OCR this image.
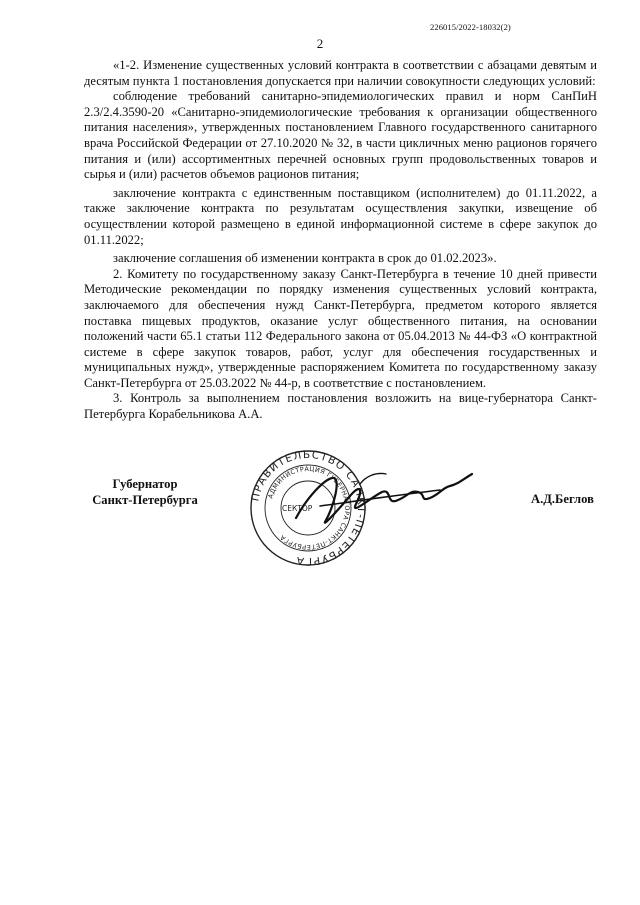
226015/2022-18032(2)
2

«1-2. Изменение существенных условий контракта в соответствии с абзацами девятым и десятым пункта 1 постановления допускается при наличии совокупности следующих условий:

соблюдение требований санитарно-эпидемиологических правил и норм СанПиН 2.3/2.4.3590-20 «Санитарно-эпидемиологические требования к организации общественного питания населения», утвержденных постановлением Главного государственного санитарного врача Российской Федерации от 27.10.2020 № 32, в части цикличных меню рационов горячего питания и (или) ассортиментных перечней основных групп продовольственных товаров и сырья и (или) расчетов объемов рационов питания;

заключение контракта с единственным поставщиком (исполнителем) до 01.11.2022, а также заключение контракта по результатам осуществления закупки, извещение об осуществлении которой размещено в единой информационной системе в сфере закупок до 01.11.2022;

заключение соглашения об изменении контракта в срок до 01.02.2023».

2. Комитету по государственному заказу Санкт-Петербурга в течение 10 дней привести Методические рекомендации по порядку изменения существенных условий контракта, заключаемого для обеспечения нужд Санкт-Петербурга, предметом которого является поставка пищевых продуктов, оказание услуг общественного питания, на основании положений части 65.1 статьи 112 Федерального закона от 05.04.2013 № 44-ФЗ «О контрактной системе в сфере закупок товаров, работ, услуг для обеспечения государственных и муниципальных нужд», утвержденные распоряжением Комитета по государственному заказу Санкт-Петербурга от 25.03.2022 № 44-р, в соответствие с постановлением.

3. Контроль за выполнением постановления возложить на вице-губернатора Санкт-Петербурга Корабельникова А.А.

Губернатор
Санкт-Петербурга	ПРАВИТЕЛЬСТВО САНКТ-ПЕТЕРБУРГА
АДМИНИСТРАЦИЯ ГУБЕРНАТОРА САНКТ-ПЕТЕРБУРГА
СЕКТОР
А.Д.Беглов
